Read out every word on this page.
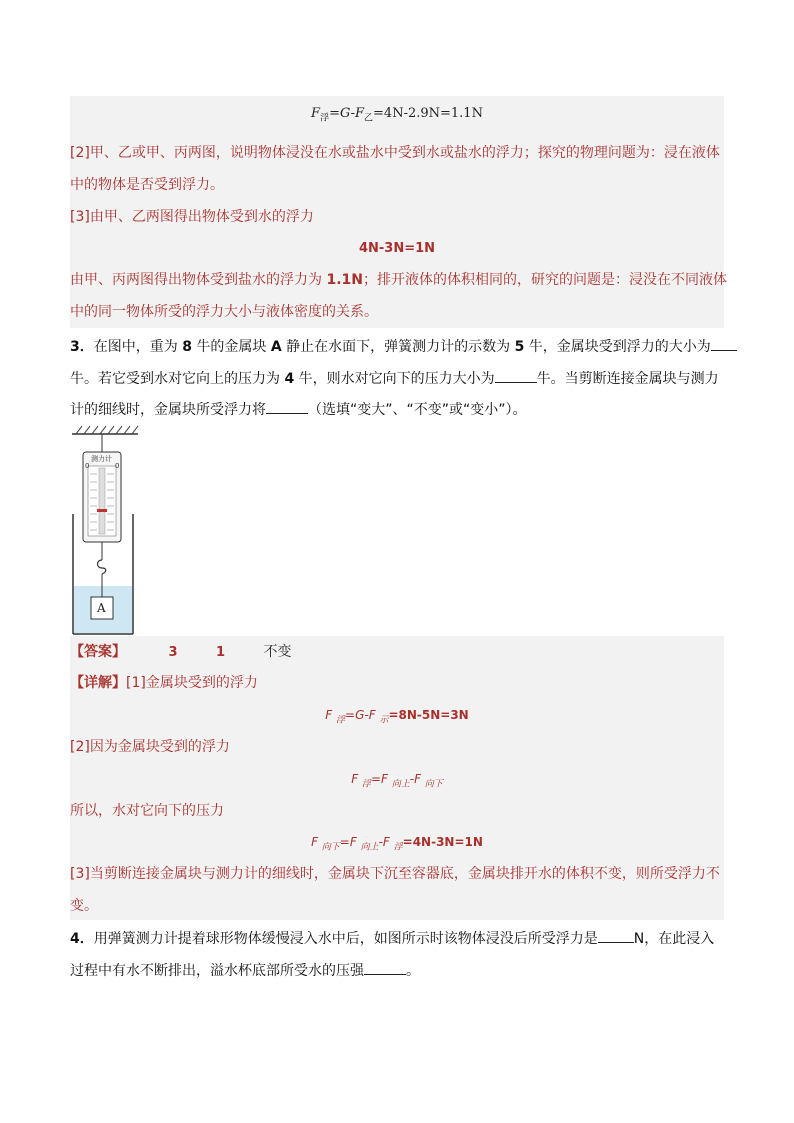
$F_浮=G-F_乙=4N-2.9N=1.1N$
[2]甲、乙或甲、丙两图，说明物体浸没在水或盐水中受到水或盐水的浮力；探究的物理问题为：浸在液体
中的物体是否受到浮力。
[3]由甲、乙两图得出物体受到水的浮力
4N-3N=1N
由甲、丙两图得出物体受到盐水的浮力为 1.1N；排开液体的体积相同的，研究的问题是：浸没在不同液体
中的同一物体所受的浮力大小与液体密度的关系。
3．在图中，重为 8 牛的金属块 A 静止在水面下，弹簧测力计的示数为 5 牛，金属块受到浮力的大小为
牛。若它受到水对它向上的压力为 4 牛，则水对它向下的压力大小为	牛。当剪断连接金属块与测力
计的细线时，金属块所受浮力将	（选填“变大”、“不变”或“变小”）。
测力计
0	0
A
【答案】	3	1	不变
【详解】[1]金属块受到的浮力
F $_浮$=G-F $_示$=8N-5N=3N
[2]因为金属块受到的浮力
F $_浮$=F $_{向上}$-F $_{向下}$
所以，水对它向下的压力
F $_{向下}$=F $_{向上}$-F $_浮$=4N-3N=1N
[3]当剪断连接金属块与测力计的细线时，金属块下沉至容器底，金属块排开水的体积不变，则所受浮力不
变。
4．用弹簧测力计提着球形物体缓慢浸入水中后，如图所示时该物体浸没后所受浮力是	N，在此浸入
过程中有水不断排出，溢水杯底部所受水的压强	。
